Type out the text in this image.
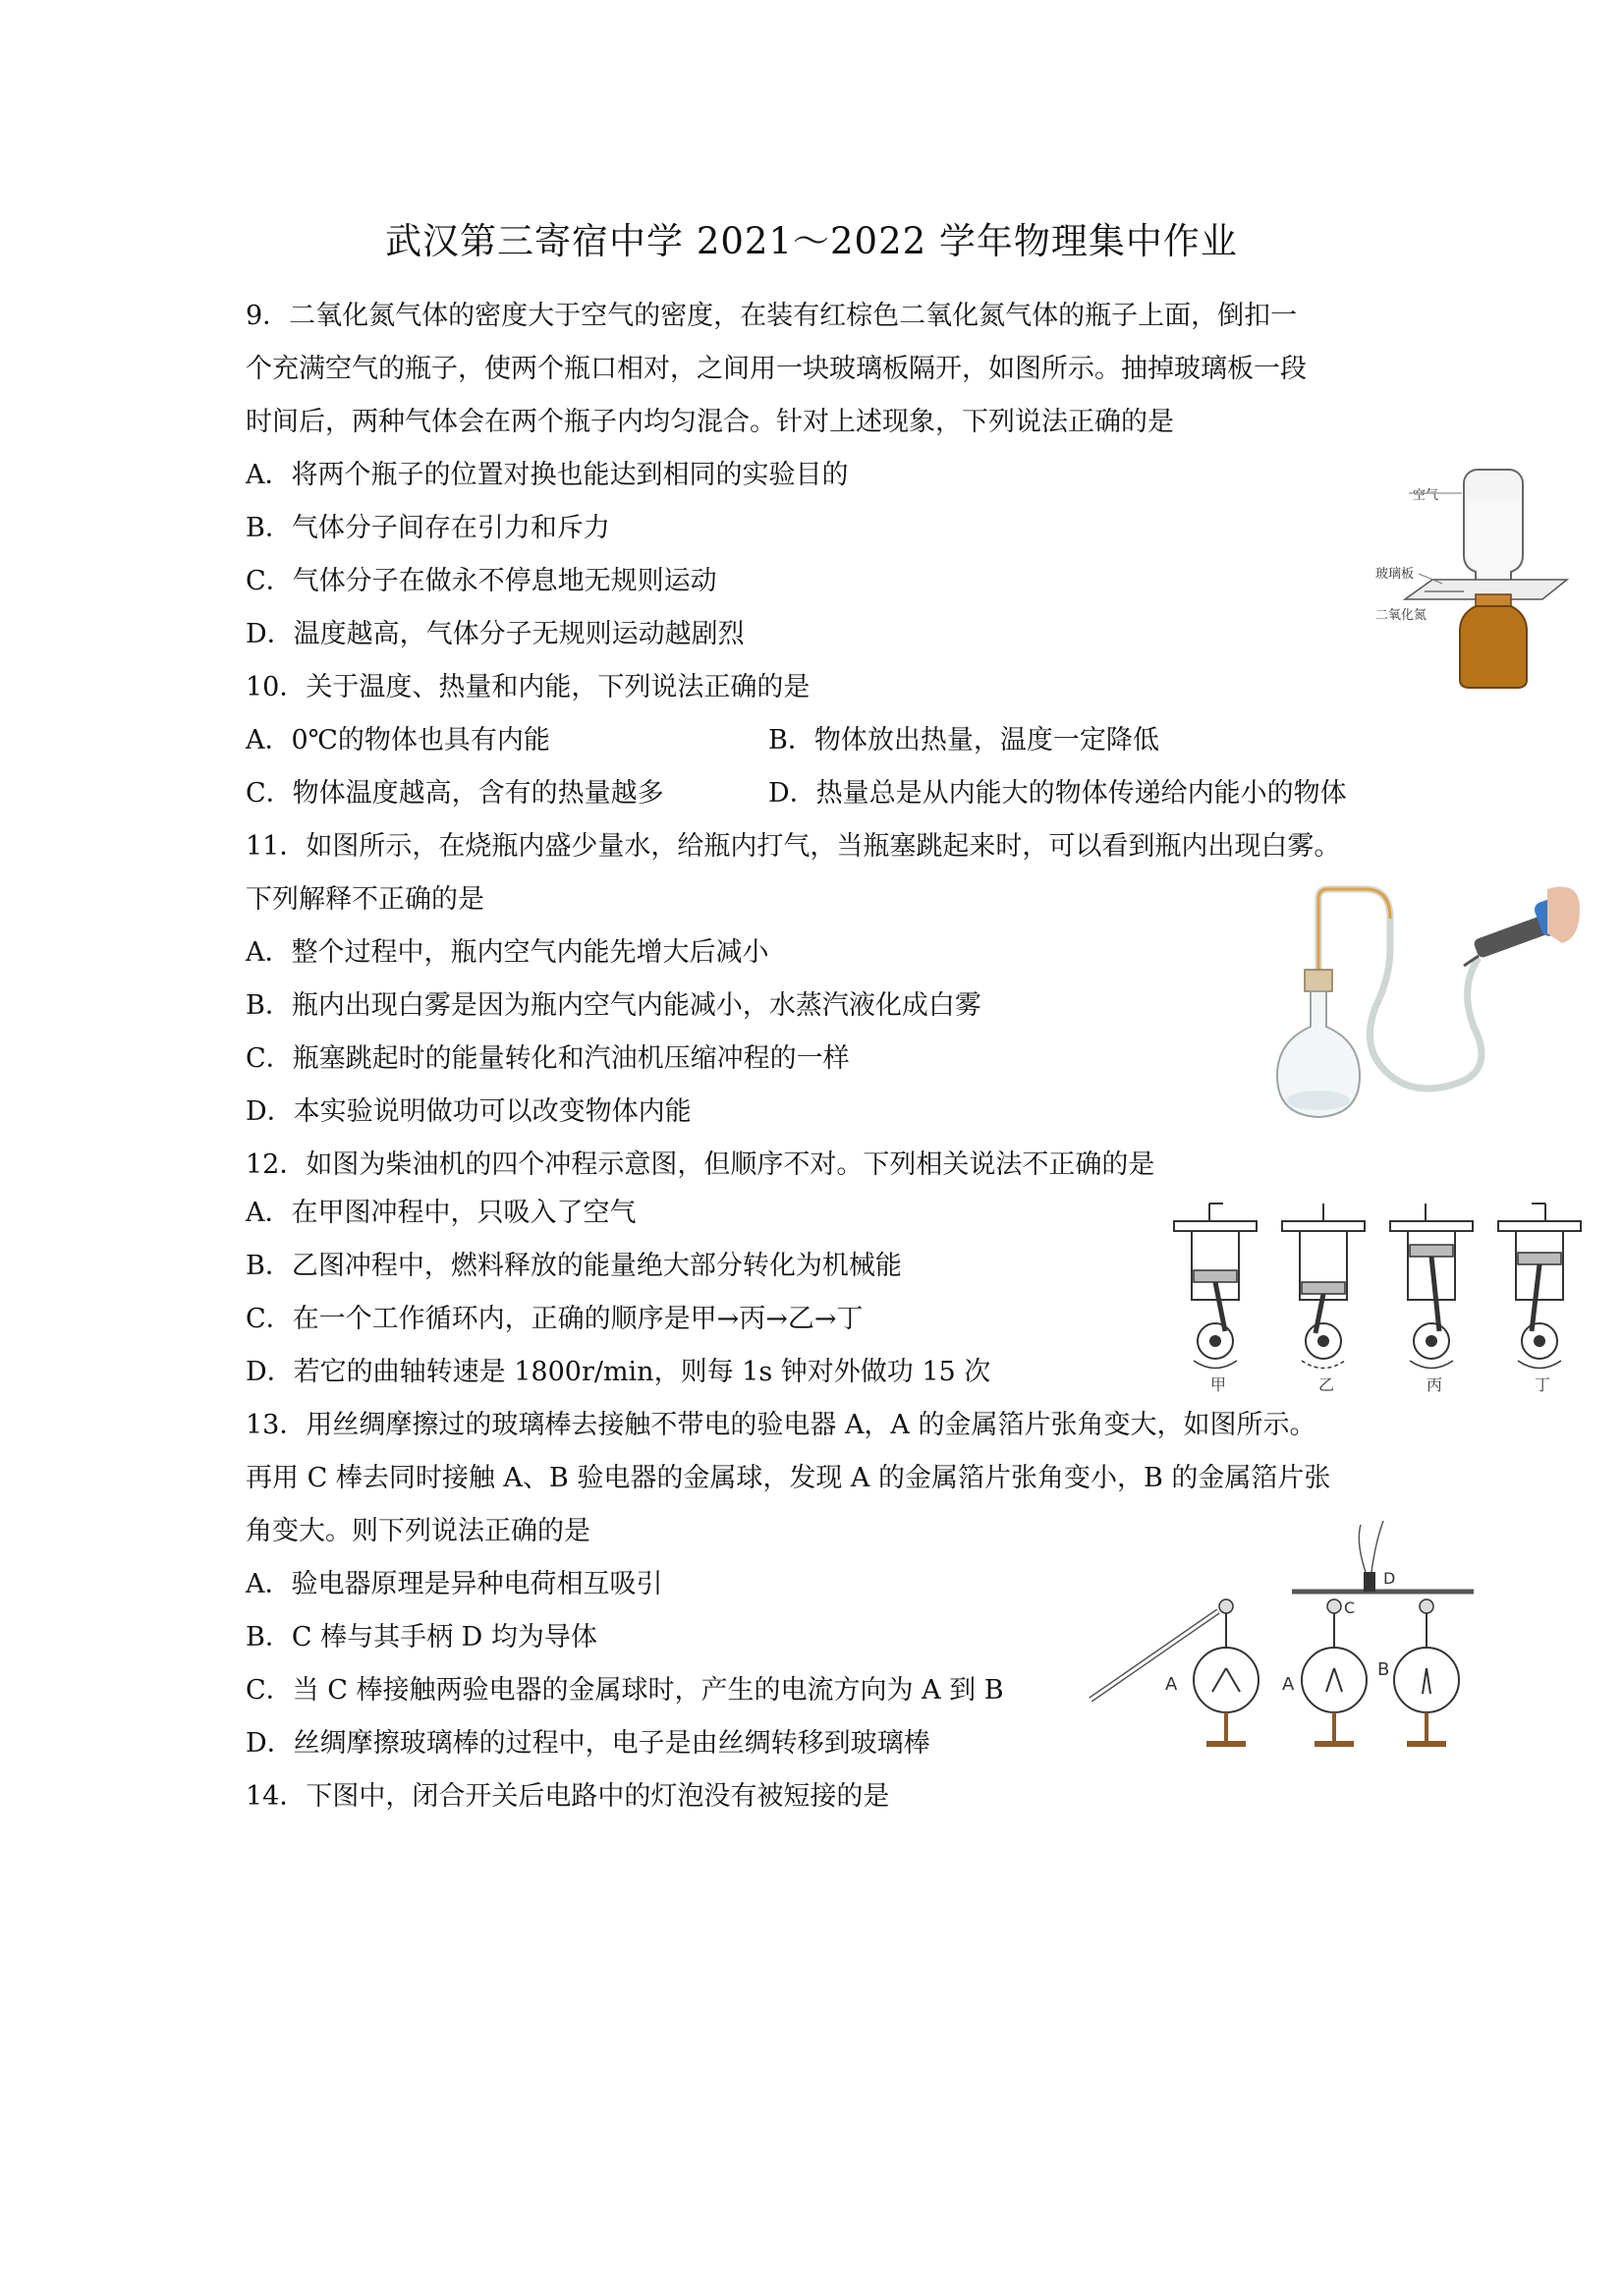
武汉第三寄宿中学 2021～2022 学年物理集中作业
9．二氧化氮气体的密度大于空气的密度，在装有红棕色二氧化氮气体的瓶子上面，倒扣一
个充满空气的瓶子，使两个瓶口相对，之间用一块玻璃板隔开，如图所示。抽掉玻璃板一段
时间后，两种气体会在两个瓶子内均匀混合。针对上述现象，下列说法正确的是
A．将两个瓶子的位置对换也能达到相同的实验目的
B．气体分子间存在引力和斥力
C．气体分子在做永不停息地无规则运动
D．温度越高，气体分子无规则运动越剧烈
空气
玻璃板
二氧化氮
10．关于温度、热量和内能，下列说法正确的是
A．0℃的物体也具有内能	B．物体放出热量，温度一定降低
C．物体温度越高，含有的热量越多	D．热量总是从内能大的物体传递给内能小的物体
11．如图所示，在烧瓶内盛少量水，给瓶内打气，当瓶塞跳起来时，可以看到瓶内出现白雾。
下列解释不正确的是
A．整个过程中，瓶内空气内能先增大后减小
B．瓶内出现白雾是因为瓶内空气内能减小，水蒸汽液化成白雾
C．瓶塞跳起时的能量转化和汽油机压缩冲程的一样
D．本实验说明做功可以改变物体内能
12．如图为柴油机的四个冲程示意图，但顺序不对。下列相关说法不正确的是
A．在甲图冲程中，只吸入了空气
B．乙图冲程中，燃料释放的能量绝大部分转化为机械能
C．在一个工作循环内，正确的顺序是甲→丙→乙→丁
D．若它的曲轴转速是 1800r/min，则每 1s 钟对外做功 15 次	甲	乙	丙	丁
13．用丝绸摩擦过的玻璃棒去接触不带电的验电器 A，A 的金属箔片张角变大，如图所示。
再用 C 棒去同时接触 A、B 验电器的金属球，发现 A 的金属箔片张角变小，B 的金属箔片张
角变大。则下列说法正确的是
A．验电器原理是异种电荷相互吸引
B．C 棒与其手柄 D 均为导体
C．当 C 棒接触两验电器的金属球时，产生的电流方向为 A 到 B
D．丝绸摩擦玻璃棒的过程中，电子是由丝绸转移到玻璃棒
A
C
D
A
B
14．下图中，闭合开关后电路中的灯泡没有被短接的是
